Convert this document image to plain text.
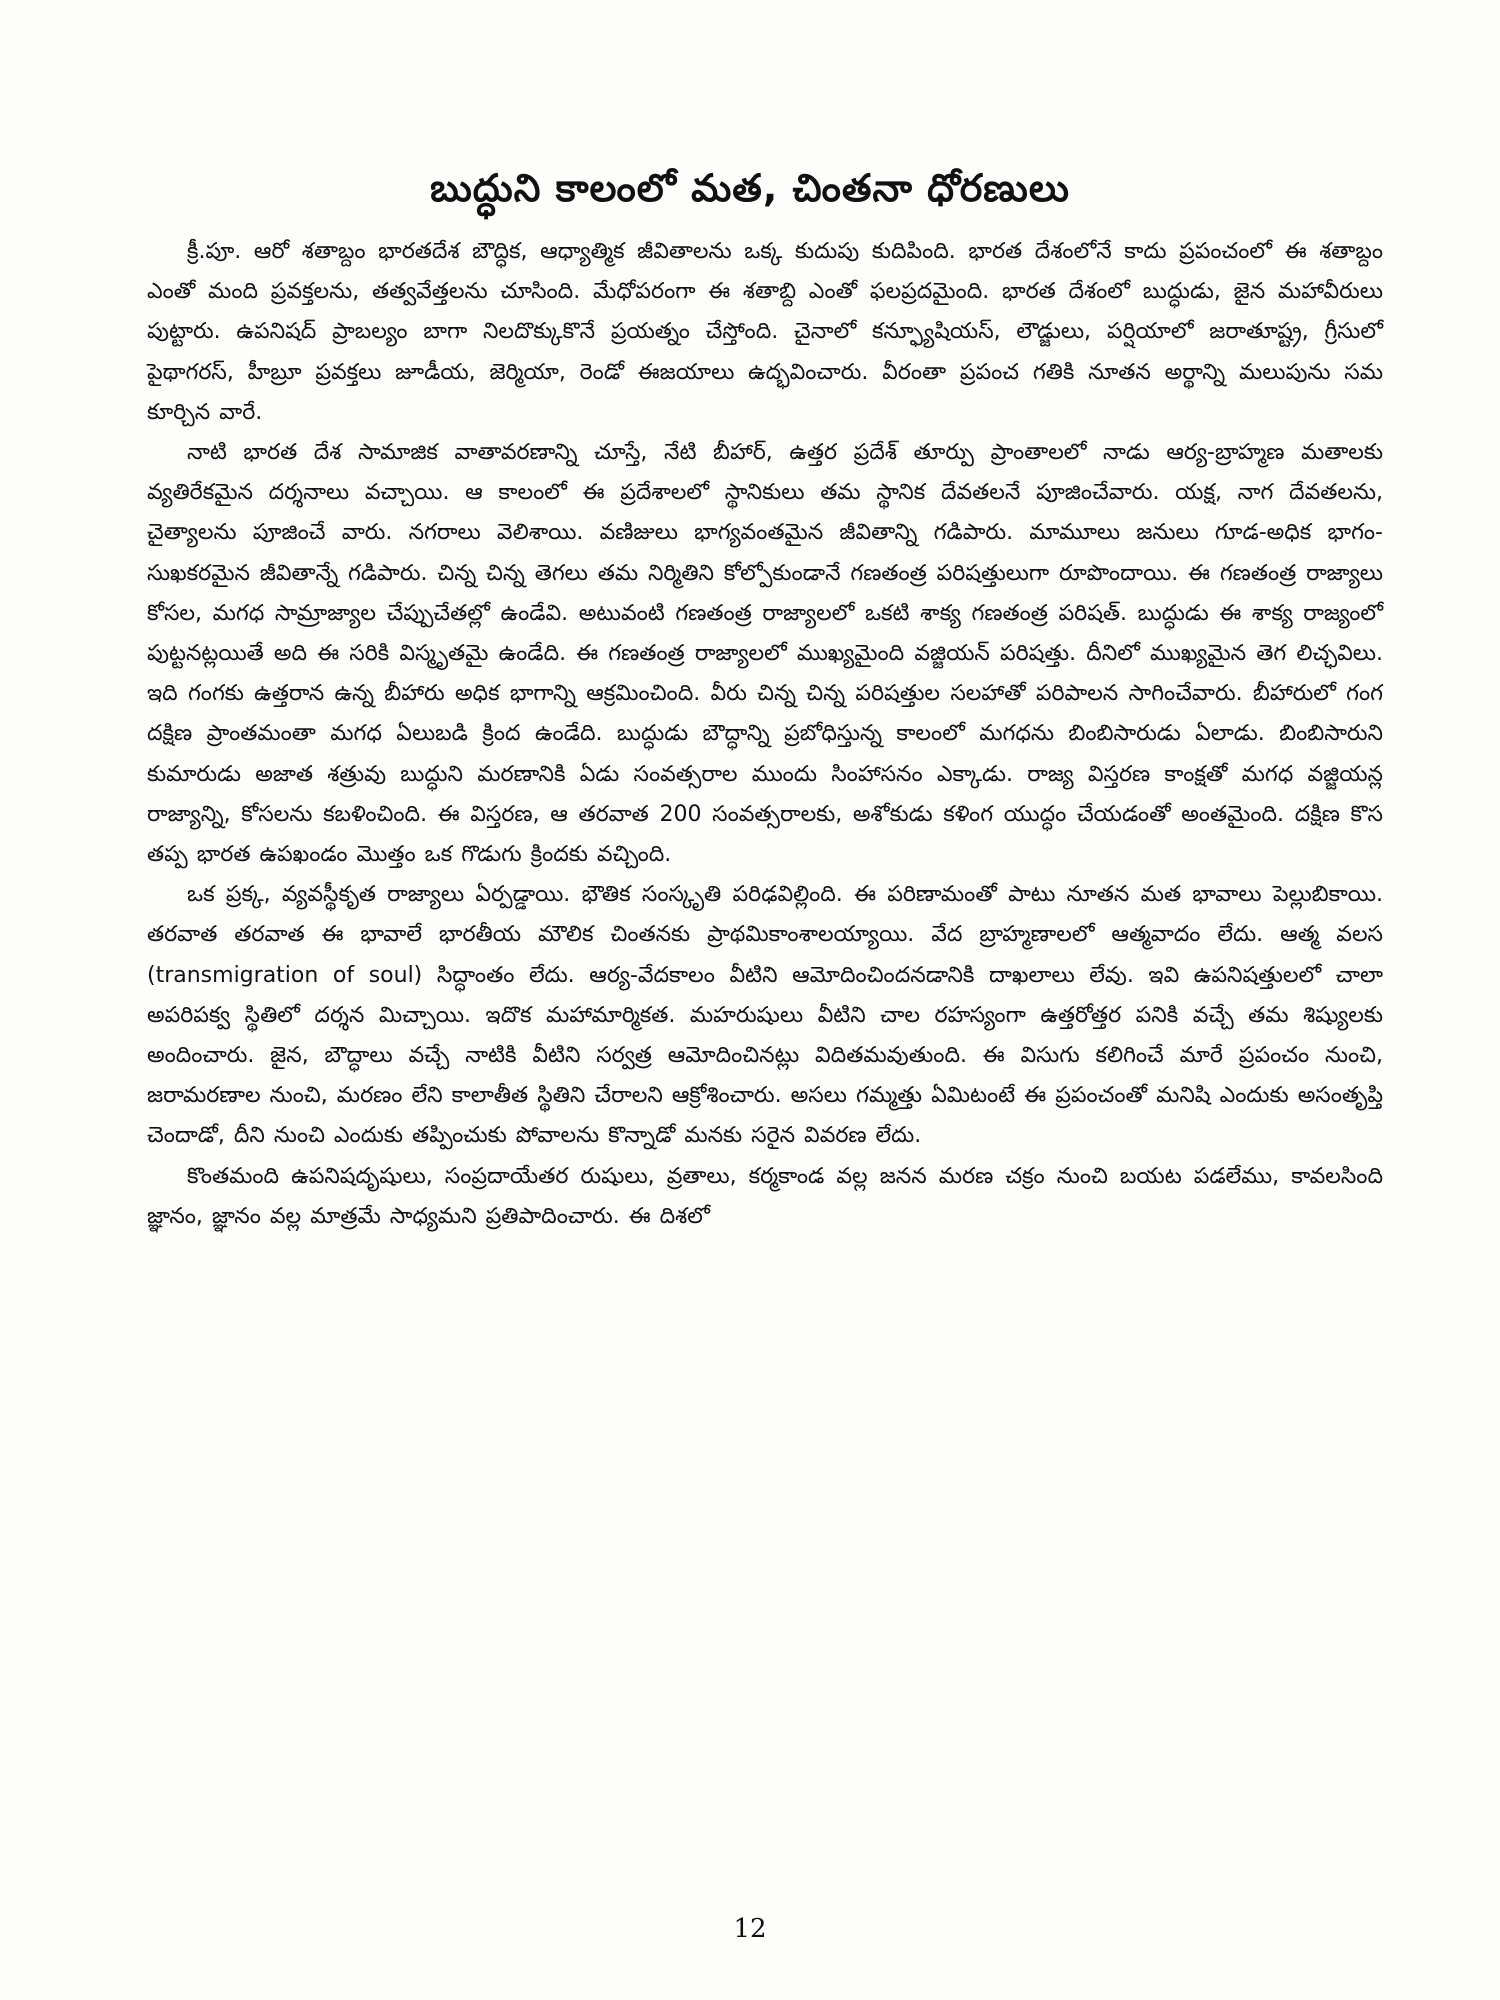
బుద్ధుని కాలంలో మత, చింతనా ధోరణులు

క్రీ.పూ. ఆరో శతాబ్దం భారతదేశ బౌద్ధిక, ఆధ్యాత్మిక జీవితాలను ఒక్క కుదుపు కుదిపింది. భారత దేశంలోనే కాదు ప్రపంచంలో ఈ శతాబ్దం ఎంతో మంది ప్రవక్తలను, తత్వవేత్తలను చూసింది. మేధోపరంగా ఈ శతాబ్ది ఎంతో ఫలప్రదమైంది. భారత దేశంలో బుద్ధుడు, జైన మహావీరులు పుట్టారు. ఉపనిషద్ ప్రాబల్యం బాగా నిలదొక్కుకొనే ప్రయత్నం చేస్తోంది. చైనాలో కన్ఫ్యూషియస్, లౌడ్జులు, పర్షియాలో జరాతూష్ట్ర, గ్రీసులో పైథాగరస్, హీబ్రూ ప్రవక్తలు జూడీయ, జెర్మియా, రెండో ఈజయాలు ఉద్భవించారు. వీరంతా ప్రపంచ గతికి నూతన అర్థాన్ని మలుపును సమ కూర్చిన వారే.

నాటి భారత దేశ సామాజిక వాతావరణాన్ని చూస్తే, నేటి బీహార్, ఉత్తర ప్రదేశ్ తూర్పు ప్రాంతాలలో నాడు ఆర్య-బ్రాహ్మణ మతాలకు వ్యతిరేకమైన దర్శనాలు వచ్చాయి. ఆ కాలంలో ఈ ప్రదేశాలలో స్థానికులు తమ స్థానిక దేవతలనే పూజించేవారు. యక్ష, నాగ దేవతలను, చైత్యాలను పూజించే వారు. నగరాలు వెలిశాయి. వణిజులు భాగ్యవంతమైన జీవితాన్ని గడిపారు. మామూలు జనులు గూడ-అధిక భాగం-సుఖకరమైన జీవితాన్నే గడిపారు. చిన్న చిన్న తెగలు తమ నిర్మితిని కోల్పోకుండానే గణతంత్ర పరిషత్తులుగా రూపొందాయి. ఈ గణతంత్ర రాజ్యాలు కోసల, మగధ సామ్రాజ్యాల చేప్పుచేతల్లో ఉండేవి. అటువంటి గణతంత్ర రాజ్యాలలో ఒకటి శాక్య గణతంత్ర పరిషత్. బుద్ధుడు ఈ శాక్య రాజ్యంలో పుట్టనట్లయితే అది ఈ సరికి విస్మృతమై ఉండేది. ఈ గణతంత్ర రాజ్యాలలో ముఖ్యమైంది వజ్జియన్ పరిషత్తు. దీనిలో ముఖ్యమైన తెగ లిచ్ఛవిలు. ఇది గంగకు ఉత్తరాన ఉన్న బీహారు అధిక భాగాన్ని ఆక్రమించింది. వీరు చిన్న చిన్న పరిషత్తుల సలహాతో పరిపాలన సాగించేవారు. బీహారులో గంగ దక్షిణ ప్రాంతమంతా మగధ ఏలుబడి క్రింద ఉండేది. బుద్ధుడు బౌద్ధాన్ని ప్రబోధిస్తున్న కాలంలో మగధను బింబిసారుడు ఏలాడు. బింబిసారుని కుమారుడు అజాత శత్రువు బుద్ధుని మరణానికి ఏడు సంవత్సరాల ముందు సింహాసనం ఎక్కాడు. రాజ్య విస్తరణ కాంక్షతో మగధ వజ్జియన్ల రాజ్యాన్ని, కోసలను కబళించింది. ఈ విస్తరణ, ఆ తరవాత 200 సంవత్సరాలకు, అశోకుడు కళింగ యుద్ధం చేయడంతో అంతమైంది. దక్షిణ కొస తప్ప భారత ఉపఖండం మొత్తం ఒక గొడుగు క్రిందకు వచ్చింది.

ఒక ప్రక్క, వ్యవస్థీకృత రాజ్యాలు ఏర్పడ్డాయి. భౌతిక సంస్కృతి పరిఢవిల్లింది. ఈ పరిణామంతో పాటు నూతన మత భావాలు పెల్లుబికాయి. తరవాత తరవాత ఈ భావాలే భారతీయ మౌలిక చింతనకు ప్రాథమికాంశాలయ్యాయి. వేద బ్రాహ్మణాలలో ఆత్మవాదం లేదు. ఆత్మ వలస (transmigration of soul) సిద్ధాంతం లేదు. ఆర్య-వేదకాలం వీటిని ఆమోదించిందనడానికి దాఖలాలు లేవు. ఇవి ఉపనిషత్తులలో చాలా అపరిపక్వ స్థితిలో దర్శన మిచ్చాయి. ఇదొక మహామార్మికత. మహరుషులు వీటిని చాల రహస్యంగా ఉత్తరోత్తర పనికి వచ్చే తమ శిష్యులకు అందించారు. జైన, బౌద్ధాలు వచ్చే నాటికి వీటిని సర్వత్ర ఆమోదించినట్లు విదితమవుతుంది. ఈ విసుగు కలిగించే మారే ప్రపంచం నుంచి, జరామరణాల నుంచి, మరణం లేని కాలాతీత స్థితిని చేరాలని ఆక్రోశించారు. అసలు గమ్మత్తు ఏమిటంటే ఈ ప్రపంచంతో మనిషి ఎందుకు అసంతృప్తి చెందాడో, దీని నుంచి ఎందుకు తప్పించుకు పోవాలను కొన్నాడో మనకు సరైన వివరణ లేదు.

కొంతమంది ఉపనిషదృషులు, సంప్రదాయేతర రుషులు, వ్రతాలు, కర్మకాండ వల్ల జనన మరణ చక్రం నుంచి బయట పడలేము, కావలసింది జ్ఞానం, జ్ఞానం వల్ల మాత్రమే సాధ్యమని ప్రతిపాదించారు. ఈ దిశలో

12
